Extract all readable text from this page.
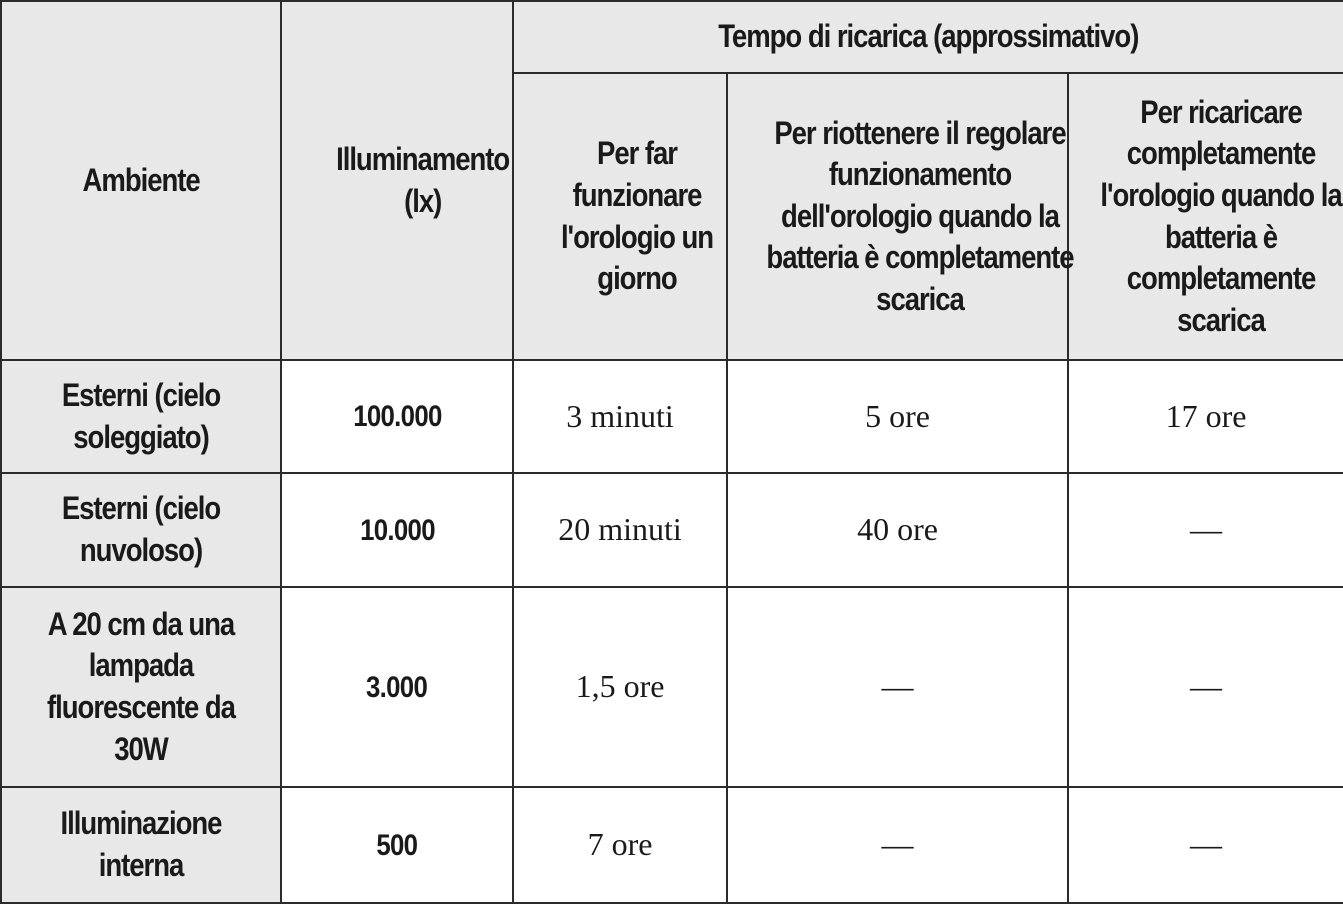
Ambiente	Illuminamento (lx)	Tempo di ricarica (approssimativo)		
		Per far funzionare l'orologio un giorno	Per riottenere il regolare funzionamento dell'orologio quando la batteria è completamente scarica	Per ricaricare completamente l'orologio quando la batteria è completamente scarica
Esterni (cielo soleggiato)	100.000	3 minuti	5 ore	17 ore
Esterni (cielo nuvoloso)	10.000	20 minuti	40 ore	—
A 20 cm da una lampada fluorescente da 30W	3.000	1,5 ore	—	—
Illuminazione interna	500	7 ore	—	—
